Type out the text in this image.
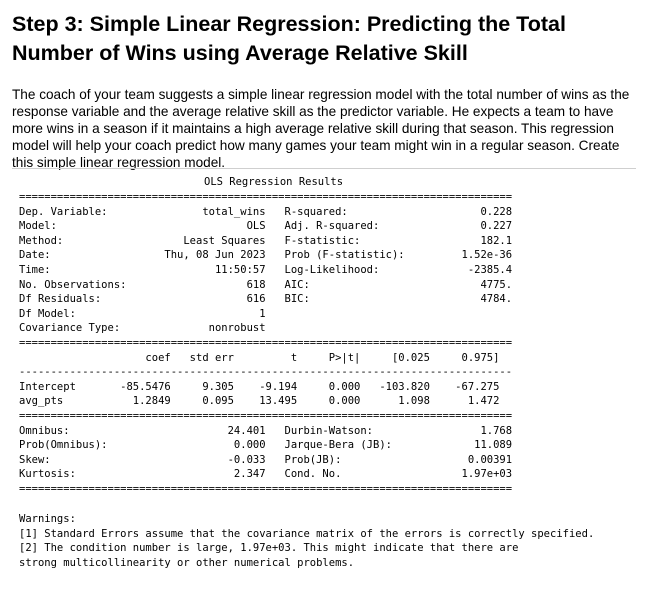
Step 3: Simple Linear Regression: Predicting the Total Number of Wins using Average Relative Skill

The coach of your team suggests a simple linear regression model with the total number of wins as the response variable and the average relative skill as the predictor variable. He expects a team to have more wins in a season if it maintains a high average relative skill during that season. This regression model will help your coach predict how many games your team might win in a regular season. Create this simple linear regression model.

OLS Regression Results
==============================================================================
Dep. Variable:               total_wins   R-squared:                     0.228
Model:                              OLS   Adj. R-squared:                0.227
Method:                   Least Squares   F-statistic:                   182.1
Date:                  Thu, 08 Jun 2023   Prob (F-statistic):         1.52e-36
Time:                          11:50:57   Log-Likelihood:              -2385.4
No. Observations:                   618   AIC:                           4775.
Df Residuals:                       616   BIC:                           4784.
Df Model:                             1
Covariance Type:              nonrobust
==============================================================================
coef   std err         t     P>|t|     [0.025     0.975]
------------------------------------------------------------------------------
Intercept       -85.5476     9.305    -9.194     0.000   -103.820    -67.275
avg_pts           1.2849     0.095    13.495     0.000      1.098      1.472
==============================================================================
Omnibus:                         24.401   Durbin-Watson:                 1.768
Prob(Omnibus):                    0.000   Jarque-Bera (JB):             11.089
Skew:                            -0.033   Prob(JB):                    0.00391
Kurtosis:                         2.347   Cond. No.                   1.97e+03
==============================================================================
Warnings:
[1] Standard Errors assume that the covariance matrix of the errors is correctly specified.
[2] The condition number is large, 1.97e+03. This might indicate that there are
strong multicollinearity or other numerical problems.
